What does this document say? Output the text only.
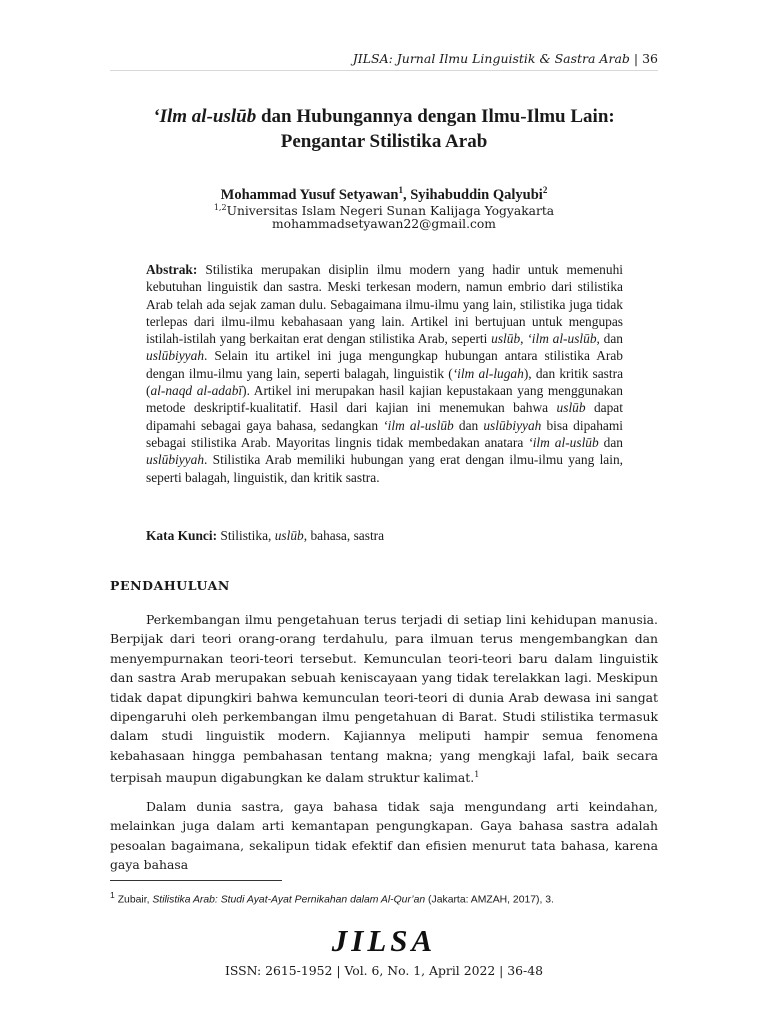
JILSA: Jurnal Ilmu Linguistik & Sastra Arab | 36
‘Ilm al-uslūb dan Hubungannya dengan Ilmu-Ilmu Lain:
Pengantar Stilistika Arab
Mohammad Yusuf Setyawan$^1$, Syihabuddin Qalyubi$^2$
$^{1,2}$Universitas Islam Negeri Sunan Kalijaga Yogyakarta
mohammadsetyawan22@gmail.com
Abstrak: Stilistika merupakan disiplin ilmu modern yang hadir untuk memenuhi kebutuhan linguistik dan sastra. Meski terkesan modern, namun embrio dari stilistika Arab telah ada sejak zaman dulu. Sebagaimana ilmu-ilmu yang lain, stilistika juga tidak terlepas dari ilmu-ilmu kebahasaan yang lain. Artikel ini bertujuan untuk mengupas istilah-istilah yang berkaitan erat dengan stilistika Arab, seperti uslūb, ‘ilm al-uslūb, dan uslūbiyyah. Selain itu artikel ini juga mengungkap hubungan antara stilistika Arab dengan ilmu-ilmu yang lain, seperti balagah, linguistik (‘ilm al-lugah), dan kritik sastra (al-naqd al-adabī). Artikel ini merupakan hasil kajian kepustakaan yang menggunakan metode deskriptif-kualitatif. Hasil dari kajian ini menemukan bahwa uslūb dapat dipamahi sebagai gaya bahasa, sedangkan ‘ilm al-uslūb dan uslūbiyyah bisa dipahami sebagai stilistika Arab. Mayoritas lingnis tidak membedakan anatara ‘ilm al-uslūb dan uslūbiyyah. Stilistika Arab memiliki hubungan yang erat dengan ilmu-ilmu yang lain, seperti balagah, linguistik, dan kritik sastra.
Kata Kunci: Stilistika, uslūb, bahasa, sastra
PENDAHULUAN

Perkembangan ilmu pengetahuan terus terjadi di setiap lini kehidupan manusia. Berpijak dari teori orang-orang terdahulu, para ilmuan terus mengembangkan dan menyempurnakan teori-teori tersebut. Kemunculan teori-teori baru dalam linguistik dan sastra Arab merupakan sebuah keniscayaan yang tidak terelakkan lagi. Meskipun tidak dapat dipungkiri bahwa kemunculan teori-teori di dunia Arab dewasa ini sangat dipengaruhi oleh perkembangan ilmu pengetahuan di Barat. Studi stilistika termasuk dalam studi linguistik modern. Kajiannya meliputi hampir semua fenomena kebahasaan hingga pembahasan tentang makna; yang mengkaji lafal, baik secara terpisah maupun digabungkan ke dalam struktur kalimat.$^1$

Dalam dunia sastra, gaya bahasa tidak saja mengundang arti keindahan, melainkan juga dalam arti kemantapan pengungkapan. Gaya bahasa sastra adalah pesoalan bagaimana, sekalipun tidak efektif dan efisien menurut tata bahasa, karena gaya bahasa

$^1$ Zubair, Stilistika Arab: Studi Ayat-Ayat Pernikahan dalam Al-Qur’an (Jakarta: AMZAH, 2017), 3.
JILSA
ISSN: 2615-1952 | Vol. 6, No. 1, April 2022 | 36-48
